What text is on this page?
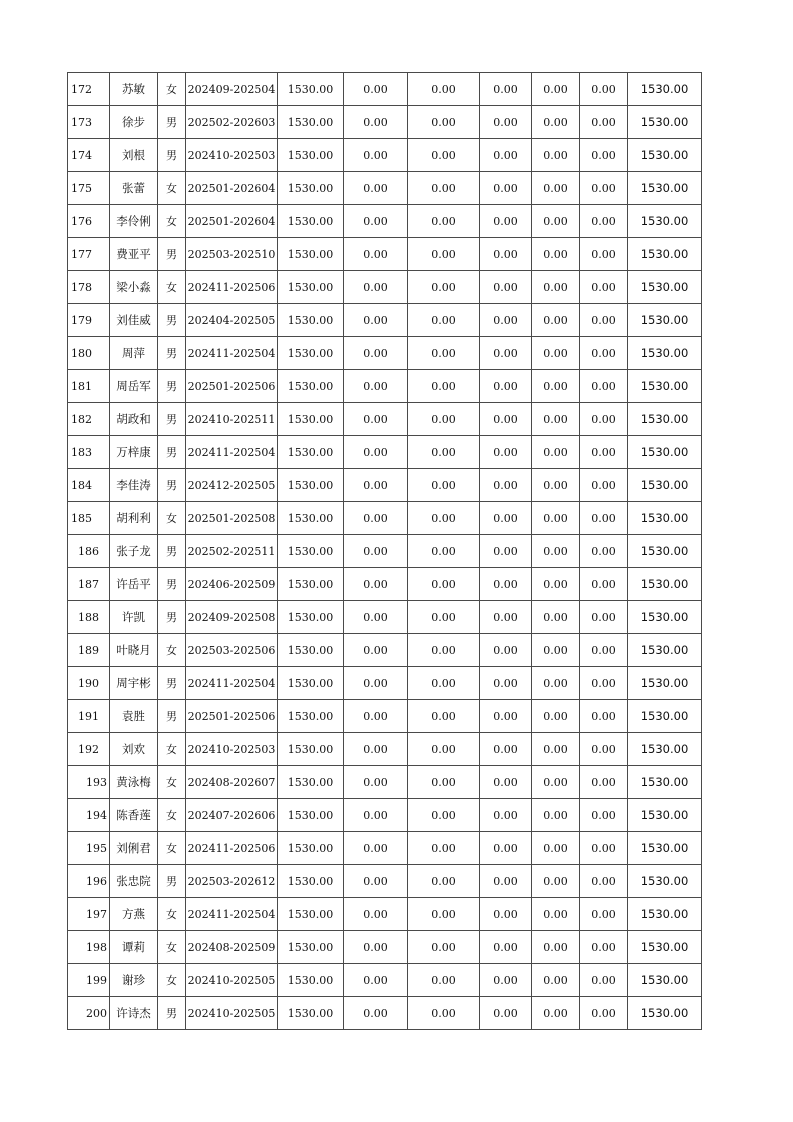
172	苏敏	女	202409-202504	1530.00	0.00	0.00	0.00	0.00	0.00	1530.00
173	徐步	男	202502-202603	1530.00	0.00	0.00	0.00	0.00	0.00	1530.00
174	刘根	男	202410-202503	1530.00	0.00	0.00	0.00	0.00	0.00	1530.00
175	张蕾	女	202501-202604	1530.00	0.00	0.00	0.00	0.00	0.00	1530.00
176	李伶俐	女	202501-202604	1530.00	0.00	0.00	0.00	0.00	0.00	1530.00
177	费亚平	男	202503-202510	1530.00	0.00	0.00	0.00	0.00	0.00	1530.00
178	梁小淼	女	202411-202506	1530.00	0.00	0.00	0.00	0.00	0.00	1530.00
179	刘佳威	男	202404-202505	1530.00	0.00	0.00	0.00	0.00	0.00	1530.00
180	周萍	男	202411-202504	1530.00	0.00	0.00	0.00	0.00	0.00	1530.00
181	周岳军	男	202501-202506	1530.00	0.00	0.00	0.00	0.00	0.00	1530.00
182	胡政和	男	202410-202511	1530.00	0.00	0.00	0.00	0.00	0.00	1530.00
183	万梓康	男	202411-202504	1530.00	0.00	0.00	0.00	0.00	0.00	1530.00
184	李佳涛	男	202412-202505	1530.00	0.00	0.00	0.00	0.00	0.00	1530.00
185	胡利利	女	202501-202508	1530.00	0.00	0.00	0.00	0.00	0.00	1530.00
186	张子龙	男	202502-202511	1530.00	0.00	0.00	0.00	0.00	0.00	1530.00
187	许岳平	男	202406-202509	1530.00	0.00	0.00	0.00	0.00	0.00	1530.00
188	许凯	男	202409-202508	1530.00	0.00	0.00	0.00	0.00	0.00	1530.00
189	叶晓月	女	202503-202506	1530.00	0.00	0.00	0.00	0.00	0.00	1530.00
190	周宇彬	男	202411-202504	1530.00	0.00	0.00	0.00	0.00	0.00	1530.00
191	袁胜	男	202501-202506	1530.00	0.00	0.00	0.00	0.00	0.00	1530.00
192	刘欢	女	202410-202503	1530.00	0.00	0.00	0.00	0.00	0.00	1530.00
193	黄泳梅	女	202408-202607	1530.00	0.00	0.00	0.00	0.00	0.00	1530.00
194	陈香莲	女	202407-202606	1530.00	0.00	0.00	0.00	0.00	0.00	1530.00
195	刘俐君	女	202411-202506	1530.00	0.00	0.00	0.00	0.00	0.00	1530.00
196	张忠院	男	202503-202612	1530.00	0.00	0.00	0.00	0.00	0.00	1530.00
197	方燕	女	202411-202504	1530.00	0.00	0.00	0.00	0.00	0.00	1530.00
198	谭莉	女	202408-202509	1530.00	0.00	0.00	0.00	0.00	0.00	1530.00
199	谢珍	女	202410-202505	1530.00	0.00	0.00	0.00	0.00	0.00	1530.00
200	许诗杰	男	202410-202505	1530.00	0.00	0.00	0.00	0.00	0.00	1530.00
